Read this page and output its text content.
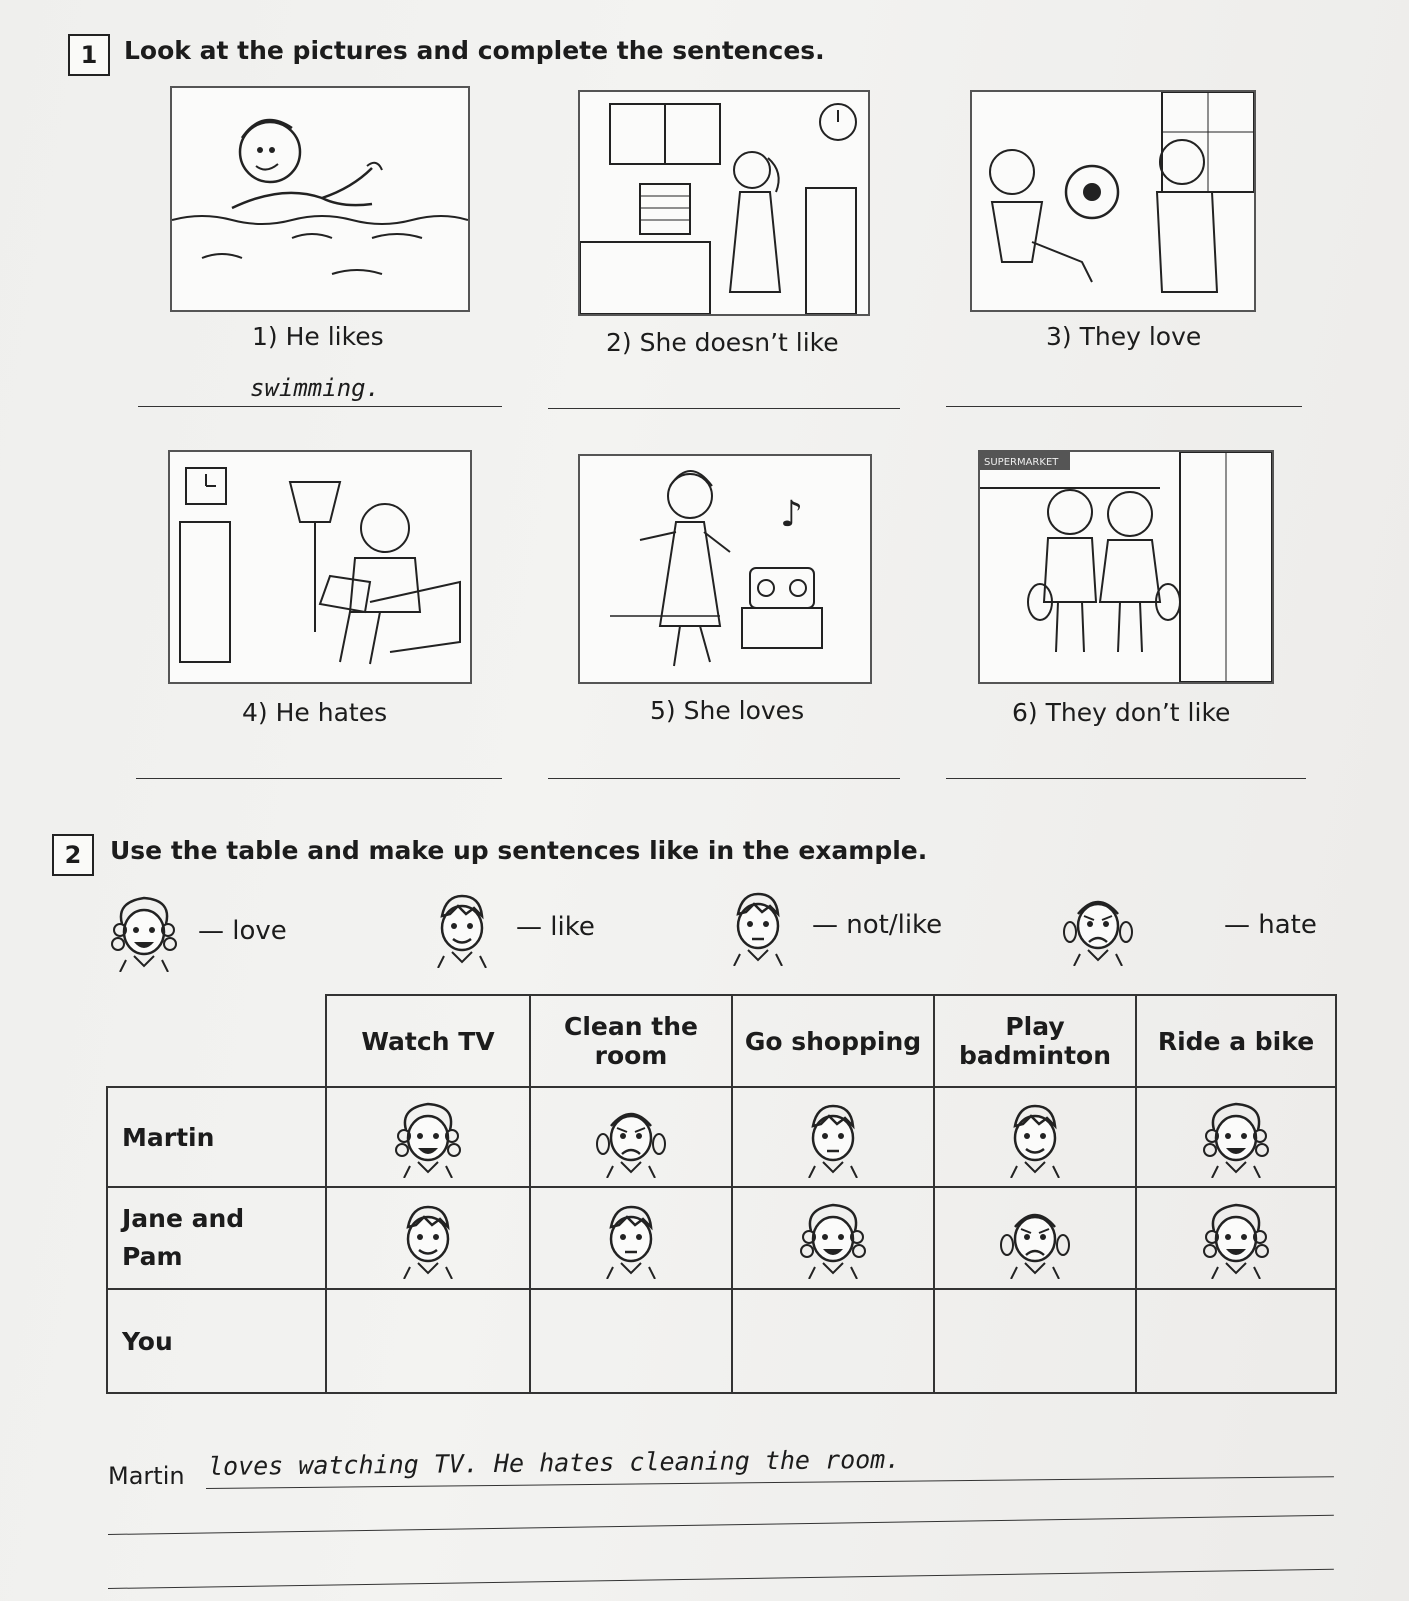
1	Look at the pictures and complete the sentences.
1) He likes	2) She doesn’t like	3) They love
swimming.
♪
SUPERMARKET
4) He hates	5) She loves	6) They don’t like
2	Use the table and make up sentences like in the example.
— love	— like	— not/like	— hate
	Watch TV	Clean the room	Go shopping	Play badminton	Ride a bike
Martin	

Jane and Pam

You					
Martin loves watching TV. He hates cleaning the room.
